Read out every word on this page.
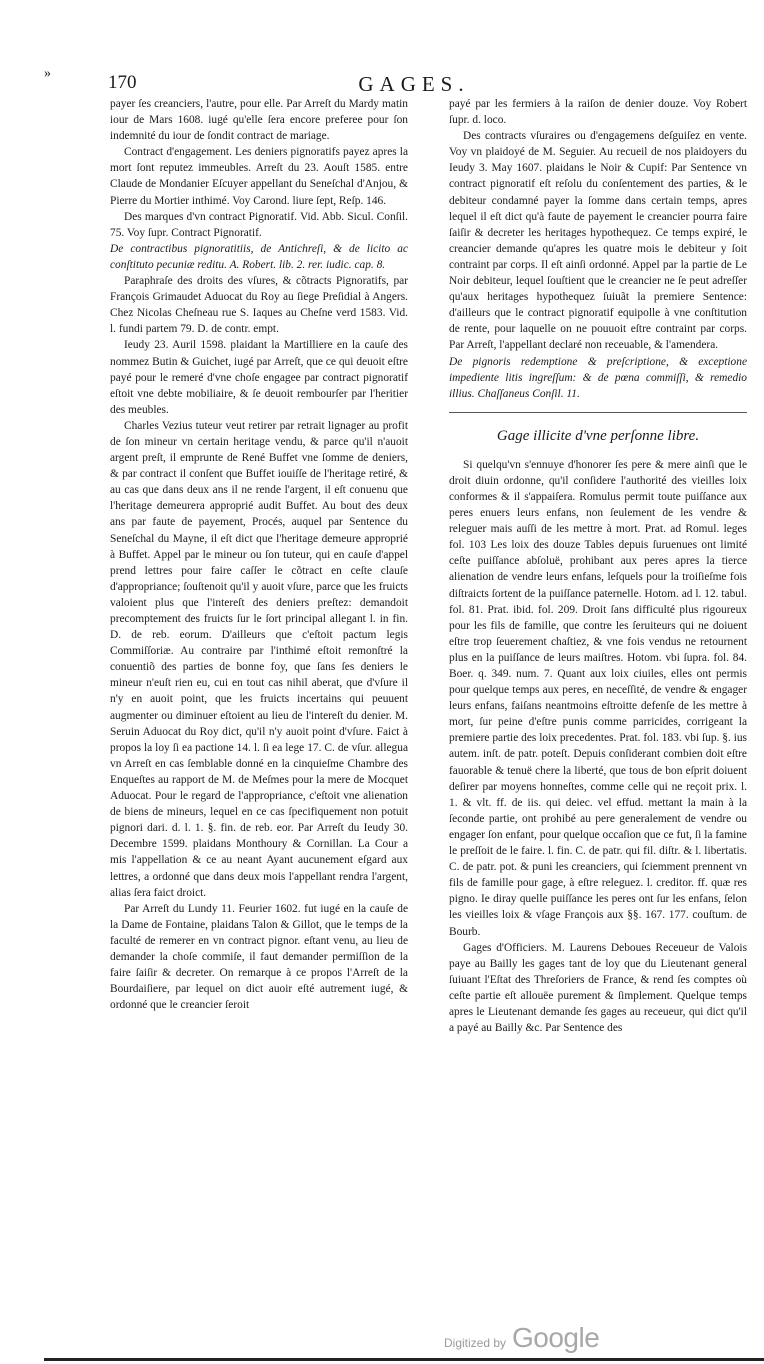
»	170	GAGES.

payer ſes creanciers, l'autre, pour elle. Par Arreſt du Mardy matin iour de Mars 1608. iugé qu'elle ſera encore preferee pour ſon indemnité du iour de ſondit contract de mariage.

Contract d'engagement. Les deniers pignoratifs payez apres la mort ſont reputez immeubles. Arreſt du 23. Aouſt 1585. entre Claude de Mondanier Eſcuyer appellant du Seneſchal d'Anjou, & Pierre du Mortier inthimé. Voy Carond. liure ſept, Reſp. 146.

Des marques d'vn contract Pignoratif. Vid. Abb. Sicul. Conſil. 75. Voy ſupr. Contract Pignoratif.

De contractibus pignoratitiis, de Antichreſi, & de licito ac conſtituto pecuniæ reditu. A. Robert. lib. 2. rer. iudic. cap. 8.

Paraphraſe des droits des vſures, & cõtracts Pignoratifs, par François Grimaudet Aduocat du Roy au ſiege Preſidial à Angers. Chez Nicolas Cheſneau rue S. Iaques au Cheſne verd 1583. Vid. l. fundi partem 79. D. de contr. empt.

Ieudy 23. Auril 1598. plaidant la Martilliere en la cauſe des nommez Butin & Guichet, iugé par Arreſt, que ce qui deuoit eſtre payé pour le remeré d'vne choſe engagee par contract pignoratif eſtoit vne debte mobiliaire, & ſe deuoit rembourſer par l'heritier des meubles.

Charles Vezius tuteur veut retirer par retrait lignager au profit de ſon mineur vn certain heritage vendu, & parce qu'il n'auoit argent preſt, il emprunte de René Buffet vne ſomme de deniers, & par contract il conſent que Buffet iouiſſe de l'heritage retiré, & au cas que dans deux ans il ne rende l'argent, il eſt conuenu que l'heritage demeurera approprié audit Buffet. Au bout des deux ans par faute de payement, Procés, auquel par Sentence du Seneſchal du Mayne, il eſt dict que l'heritage demeure approprié à Buffet. Appel par le mineur ou ſon tuteur, qui en cauſe d'appel prend lettres pour faire caſſer le cõtract en ceſte clauſe d'appropriance; ſouſtenoit qu'il y auoit vſure, parce que les fruicts valoient plus que l'intereſt des deniers preſtez: demandoit precomptement des fruicts ſur le ſort principal allegant l. in fin. D. de reb. eorum. D'ailleurs que c'eſtoit pactum legis Commiſſoriæ. Au contraire par l'inthimé eſtoit remonſtré la conuentiõ des parties de bonne foy, que ſans ſes deniers le mineur n'euſt rien eu, cui en tout cas nihil aberat, que d'vſure il n'y en auoit point, que les fruicts incertains qui peuuent augmenter ou diminuer eſtoient au lieu de l'intereſt du denier. M. Seruin Aduocat du Roy dict, qu'il n'y auoit point d'vſure. Faict à propos la loy ſi ea pactione 14. l. ſi ea lege 17. C. de vſur. allegua vn Arreſt en cas ſemblable donné en la cinquieſme Chambre des Enqueſtes au rapport de M. de Meſmes pour la mere de Mocquet Aduocat. Pour le regard de l'appropriance, c'eſtoit vne alienation de biens de mineurs, lequel en ce cas ſpecifiquement non potuit pignori dari. d. l. 1. §. fin. de reb. eor. Par Arreſt du Ieudy 30. Decembre 1599. plaidans Monthoury & Cornillan. La Cour a mis l'appellation & ce au neant Ayant aucunement eſgard aux lettres, a ordonné que dans deux mois l'appellant rendra l'argent, alias ſera faict droict.

Par Arreſt du Lundy 11. Feurier 1602. fut iugé en la cauſe de la Dame de Fontaine, plaidans Talon & Gillot, que le temps de la faculté de remerer en vn contract pignor. eſtant venu, au lieu de demander la choſe commiſe, il faut demander permiſſion de la faire ſaiſir & decreter. On remarque à ce propos l'Arreſt de la Bourdaiſiere, par lequel on dict auoir eſté autrement iugé, & ordonné que le creancier ſeroit

payé par les fermiers à la raiſon de denier douze. Voy Robert ſupr. d. loco.

Des contracts vſuraires ou d'engagemens deſguiſez en vente. Voy vn plaidoyé de M. Seguier. Au recueil de nos plaidoyers du Ieudy 3. May 1607. plaidans le Noir & Cupif: Par Sentence vn contract pignoratif eſt reſolu du conſentement des parties, & le debiteur condamné payer la ſomme dans certain temps, apres lequel il eſt dict qu'à faute de payement le creancier pourra faire ſaiſir & decreter les heritages hypothequez. Ce temps expiré, le creancier demande qu'apres les quatre mois le debiteur y ſoit contraint par corps. Il eſt ainſi ordonné. Appel par la partie de Le Noir debiteur, lequel ſouſtient que le creancier ne ſe peut adreſſer qu'aux heritages hypothequez ſuiuãt la premiere Sentence: d'ailleurs que le contract pignoratif equipolle à vne conſtitution de rente, pour laquelle on ne pouuoit eſtre contraint par corps. Par Arreſt, l'appellant declaré non receuable, & l'amendera.

De pignoris redemptione & preſcriptione, & exceptione impediente litis ingreſſum: & de pœna commiſſi, & remedio illius. Chaſſaneus Conſil. 11.

Gage illicite d'vne perſonne libre.

Si quelqu'vn s'ennuye d'honorer ſes pere & mere ainſi que le droit diuin ordonne, qu'il conſidere l'authorité des vieilles loix conformes & il s'appaiſera. Romulus permit toute puiſſance aux peres enuers leurs enfans, non ſeulement de les vendre & releguer mais auſſi de les mettre à mort. Prat. ad Romul. leges fol. 103 Les loix des douze Tables depuis ſuruenues ont limité ceſte puiſſance abſoluë, prohibant aux peres apres la tierce alienation de vendre leurs enfans, leſquels pour la troiſieſme fois diſtraicts ſortent de la puiſſance paternelle. Hotom. ad l. 12. tabul. fol. 81. Prat. ibid. fol. 209. Droit ſans difficulté plus rigoureux pour les fils de famille, que contre les ſeruiteurs qui ne doiuent eſtre trop ſeuerement chaſtiez, & vne fois vendus ne retournent plus en la puiſſance de leurs maiſtres. Hotom. vbi ſupra. fol. 84. Boer. q. 349. num. 7. Quant aux loix ciuiles, elles ont permis pour quelque temps aux peres, en neceſſité, de vendre & engager leurs enfans, faiſans neantmoins eſtroitte defenſe de les mettre à mort, ſur peine d'eſtre punis comme parricides, corrigeant la premiere partie des loix precedentes. Prat. fol. 183. vbi ſup. §. ius autem. inſt. de patr. poteſt. Depuis conſiderant combien doit eſtre fauorable & tenuë chere la liberté, que tous de bon eſprit doiuent deſirer par moyens honneſtes, comme celle qui ne reçoit prix. l. 1. & vlt. ff. de iis. qui deiec. vel effud. mettant la main à la ſeconde partie, ont prohibé au pere generalement de vendre ou engager ſon enfant, pour quelque occaſion que ce fut, ſi la famine le preſſoit de le faire. l. fin. C. de patr. qui fil. diſtr. & l. libertatis. C. de patr. pot. & puni les creanciers, qui ſciemment prennent vn fils de famille pour gage, à eſtre releguez. l. creditor. ff. quæ res pigno. Ie diray quelle puiſſance les peres ont ſur les enfans, ſelon les vieilles loix & vſage François aux §§. 167. 177. couſtum. de Bourb.

Gages d'Officiers. M. Laurens Deboues Receueur de Valois paye au Bailly les gages tant de loy que du Lieutenant general ſuiuant l'Eſtat des Threſoriers de France, & rend ſes comptes où ceſte partie eſt allouëe purement & ſimplement. Quelque temps apres le Lieutenant demande ſes gages au receueur, qui dict qu'il a payé au Bailly &c. Par Sentence des

Digitized by Google
